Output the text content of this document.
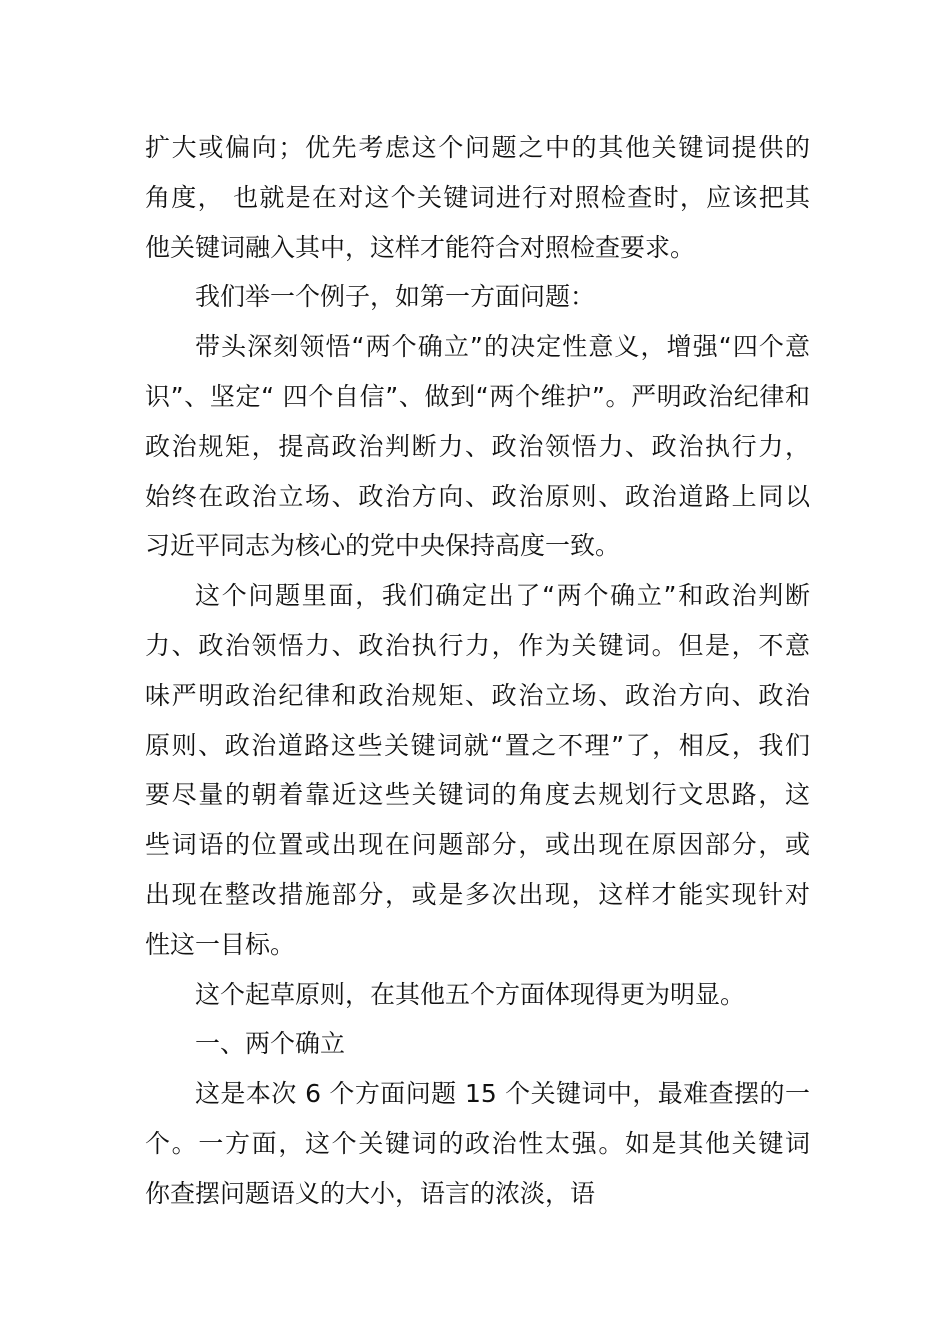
扩大或偏向；优先考虑这个问题之中的其他关键词提供的
角度， 也就是在对这个关键词进行对照检查时，应该把其
他关键词融入其中，这样才能符合对照检查要求。
我们举一个例子，如第一方面问题：
带头深刻领悟“两个确立”的决定性意义，增强“四个意
识”、坚定“ 四个自信”、做到“两个维护”。严明政治纪律和
政治规矩，提高政治判断力、政治领悟力、政治执行力，
始终在政治立场、政治方向、政治原则、政治道路上同以
习近平同志为核心的党中央保持高度一致。
这个问题里面，我们确定出了“两个确立”和政治判断
力、政治领悟力、政治执行力，作为关键词。但是，不意
味严明政治纪律和政治规矩、政治立场、政治方向、政治
原则、政治道路这些关键词就“置之不理”了，相反，我们
要尽量的朝着靠近这些关键词的角度去规划行文思路，这
些词语的位置或出现在问题部分，或出现在原因部分，或
出现在整改措施部分，或是多次出现，这样才能实现针对
性这一目标。
这个起草原则，在其他五个方面体现得更为明显。
一、两个确立
这是本次 6 个方面问题 15 个关键词中，最难查摆的一
个。一方面，这个关键词的政治性太强。如是其他关键词
你查摆问题语义的大小，语言的浓淡，语
